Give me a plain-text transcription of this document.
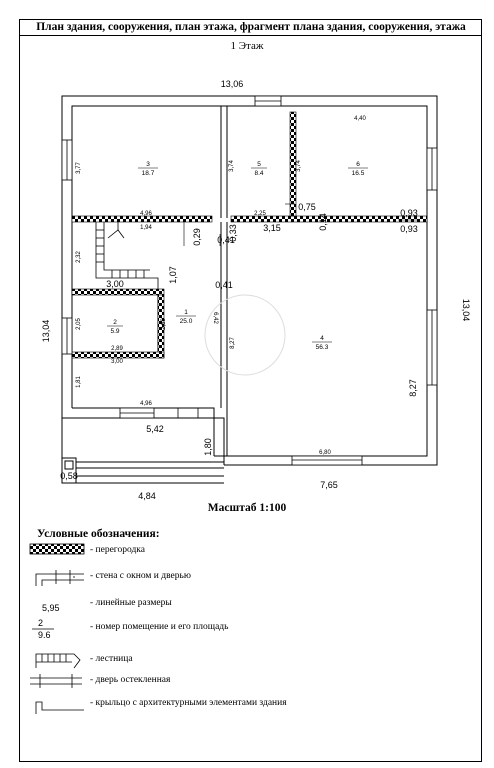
План здания, сооружения, план этажа, фрагмент плана здания, сооружения, этажа
1 Этаж
13,06
13,04
13,04
7,65
4,84
5,42
1,80
0,58
0,75
0,93
0,93
0,29 0,41
0,33	3,15	0,14
1,07
0,41
3,00
8,27
4,40
3,77	3,74	3,74
4,96
1,94
2,25
2,32
2,05	2,89
2,89
3,00
1,81
4,96
6,42
8,27
6,80
3
18.7
5
8.4
6
16.5
2
5.9
1
25.0
4
56.3
Масштаб 1:100
Условные обозначения:
- перегородка
- стена с окном и дверью
5,95	- линейные размеры
2
9.6
- номер помещение и его площадь
- лестница
- дверь остекленная
- крыльцо с архитектурными элементами здания
